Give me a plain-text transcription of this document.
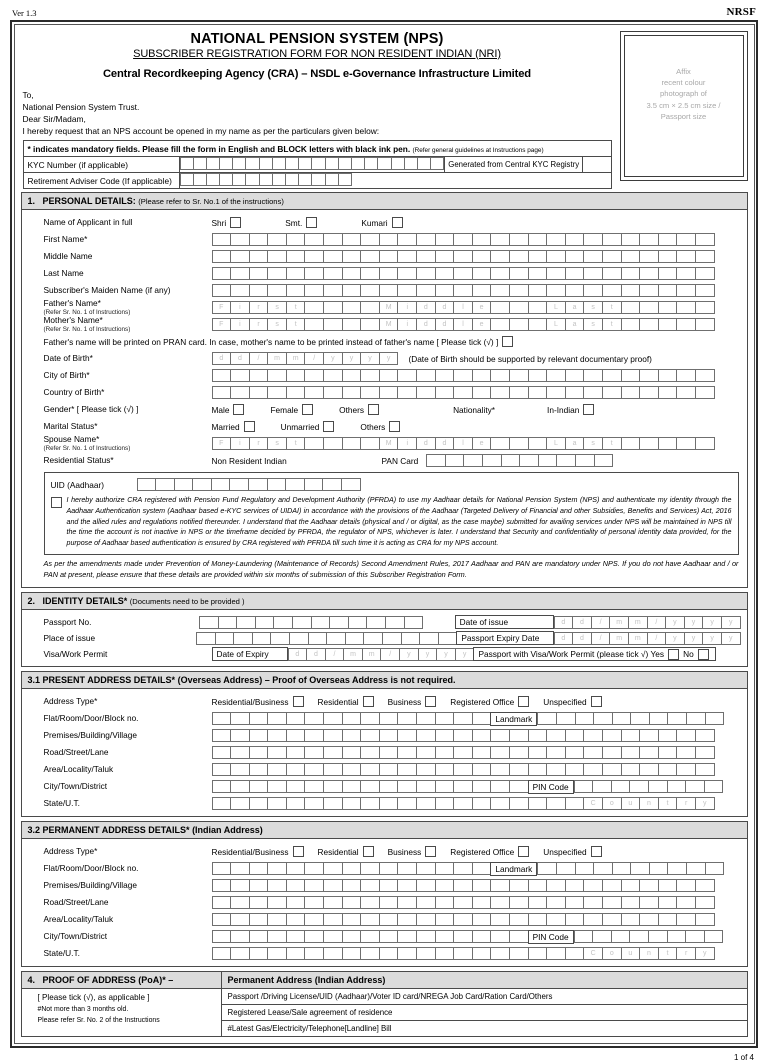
Ver 1.3	NRSF
NATIONAL PENSION SYSTEM (NPS)
SUBSCRIBER REGISTRATION FORM FOR NON RESIDENT INDIAN (NRI)
Central Recordkeeping Agency (CRA) – NSDL e-Governance Infrastructure Limited
To,
National Pension System Trust.
Dear Sir/Madam,
I hereby request that an NPS account be opened in my name as per the particulars given below:
* indicates mandatory fields. Please fill the form in English and BLOCK letters with black ink pen. (Refer general guidelines at Instructions page)
KYC Number (if applicable)	Generated from Central KYC Registry
Retirement Adviser Code (If applicable)
Affix
recent colour
photograph of
3.5 cm × 2.5 cm size /
Passport size
1. PERSONAL DETAILS: (Please refer to Sr. No.1 of the instructions)
Name of Applicant in full	Shri	Smt.	Kumari
First Name*
Middle Name
Last Name
Subscriber's Maiden Name (if any)
Father's Name*
(Refer Sr. No. 1 of Instructions)
F	i	r	s	t	M	i	d	d	l	e	L	a	s	t
Mother's Name*
(Refer Sr. No. 1 of Instructions)
F	i	r	s	t	M	i	d	d	l	e	L	a	s	t
Father's name will be printed on PRAN card. In case, mother's name to be printed instead of father's name [ Please tick (√) ]
Date of Birth*	d	d	/	m	m	/	y	y	y	y	(Date of Birth should be supported by relevant documentary proof)
City of Birth*
Country of Birth*
Gender* [ Please tick (√) ]	Male	Female	Others	Nationality*	In-Indian
Marital Status*	Married	Unmarried	Others
Spouse Name*
(Refer Sr. No. 1 of Instructions)
F	i	r	s	t	M	i	d	d	l	e	L	a	s	t
Residential Status*	Non Resident Indian	PAN Card
UID (Aadhaar)

I hereby authorize CRA registered with Pension Fund Regulatory and Development Authority (PFRDA) to use my Aadhaar details for National Pension System (NPS) and authenticate my identity through the Aadhaar Authentication system (Aadhaar based e-KYC services of UIDAI) in accordance with the provisions of the Aadhaar (Targeted Delivery of Financial and other Subsidies, Benefits and Services) Act, 2016 and the allied rules and regulations notified thereunder. I understand that the Aadhaar details (physical and / or digital, as the case maybe) submitted for availing services under NPS will be maintained in NPS till the time the account is not inactive in NPS or the timeframe decided by PFRDA, the regulator of NPS, whichever is later. I understand that Security and confidentiality of personal identity data provided, for the purpose of Aadhaar based authentication is ensured by CRA registered with PFRDA till such time it is acting as CRA for my NPS account.

As per the amendments made under Prevention of Money-Laundering (Maintenance of Records) Second Amendment Rules, 2017 Aadhaar and PAN are mandatory under NPS. If you do not have Aadhaar and / or PAN at present, please ensure that these details are provided within six months of submission of this Subscriber Registration Form.
2. IDENTITY DETAILS* (Documents need to be provided )
Passport No.	Date of issue	d	d	/	m	m	/	y	y	y	y
Place of issue	Passport Expiry Date	d	d	/	m	m	/	y	y	y	y
Visa/Work Permit	Date of Expiry	d	d	/	m	m	/	y	y	y	y	Passport with Visa/Work Permit (please tick √)
Yes No
3.1 PRESENT ADDRESS DETAILS* (Overseas Address) – Proof of Overseas Address is not required.
Address Type*	Residential/Business	Residential	Business	Registered Office	Unspecified
Flat/Room/Door/Block no.	Landmark
Premises/Building/Village
Road/Street/Lane
Area/Locality/Taluk
City/Town/District	PIN Code
State/U.T.	C	o	u	n	t	r	y
3.2 PERMANENT ADDRESS DETAILS* (Indian Address)
Address Type*	Residential/Business	Residential	Business	Registered Office	Unspecified
Flat/Room/Door/Block no.	Landmark
Premises/Building/Village
Road/Street/Lane
Area/Locality/Taluk
City/Town/District	PIN Code
State/U.T.	C	o	u	n	t	r	y
4. PROOF OF ADDRESS (PoA)* –
[ Please tick (√), as applicable ]
#Not more than 3 months old.
Please refer Sr. No. 2 of the Instructions
Permanent Address (Indian Address)
Passport /Driving License/UID (Aadhaar)/Voter ID card/NREGA Job Card/Ration Card/Others
Registered Lease/Sale agreement of residence
#Latest Gas/Electricity/Telephone[Landline] Bill
1 of 4
